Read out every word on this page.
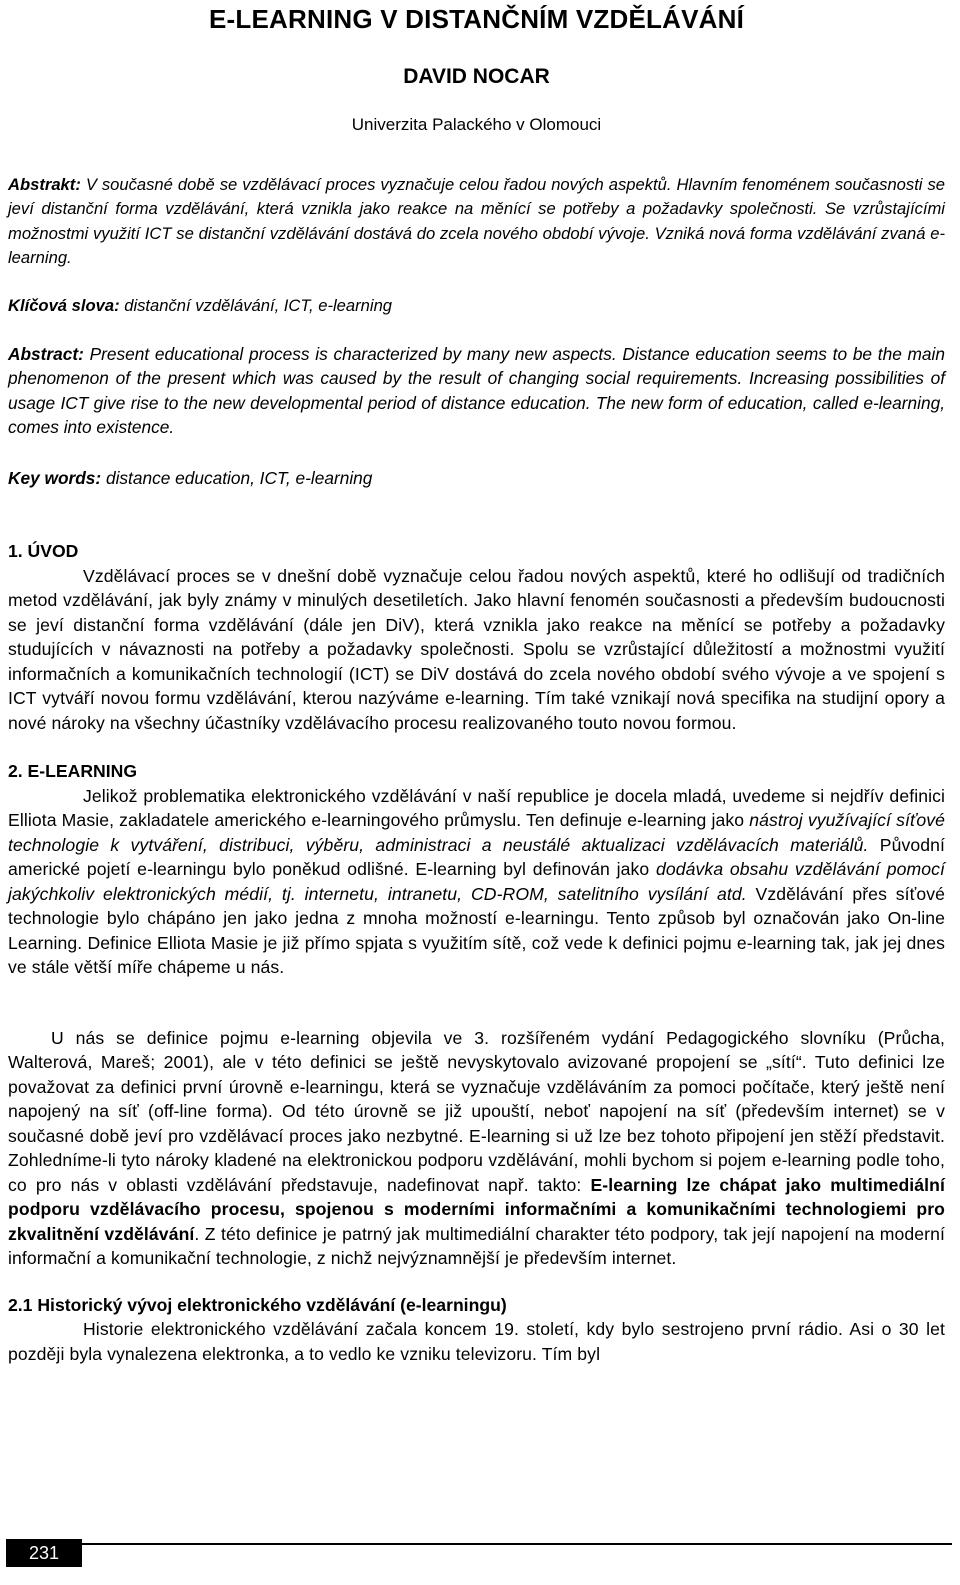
E-LEARNING V DISTANČNÍM VZDĚLÁVÁNÍ

DAVID NOCAR

Univerzita Palackého v Olomouci

Abstrakt: V současné době se vzdělávací proces vyznačuje celou řadou nových aspektů. Hlavním fenoménem současnosti se jeví distanční forma vzdělávání, která vznikla jako reakce na měnící se potřeby a požadavky společnosti. Se vzrůstajícími možnostmi využití ICT se distanční vzdělávání dostává do zcela nového období vývoje. Vzniká nová forma vzdělávání zvaná e-learning.

Klíčová slova: distanční vzdělávání, ICT, e-learning

Abstract: Present educational process is characterized by many new aspects. Distance education seems to be the main phenomenon of the present which was caused by the result of changing social requirements. Increasing possibilities of usage ICT give rise to the new developmental period of distance education. The new form of education, called e-learning, comes into existence.

Key words: distance education, ICT, e-learning

1. ÚVOD

Vzdělávací proces se v dnešní době vyznačuje celou řadou nových aspektů, které ho odlišují od tradičních metod vzdělávání, jak byly známy v minulých desetiletích. Jako hlavní fenomén současnosti a především budoucnosti se jeví distanční forma vzdělávání (dále jen DiV), která vznikla jako reakce na měnící se potřeby a požadavky studujících v návaznosti na potřeby a požadavky společnosti. Spolu se vzrůstající důležitostí a možnostmi využití informačních a komunikačních technologií (ICT) se DiV dostává do zcela nového období svého vývoje a ve spojení s ICT vytváří novou formu vzdělávání, kterou nazýváme e-learning. Tím také vznikají nová specifika na studijní opory a nové nároky na všechny účastníky vzdělávacího procesu realizovaného touto novou formou.

2. E-LEARNING

Jelikož problematika elektronického vzdělávání v naší republice je docela mladá, uvedeme si nejdřív definici Elliota Masie, zakladatele amerického e-learningového průmyslu. Ten definuje e-learning jako nástroj využívající síťové technologie k vytváření, distribuci, výběru, administraci a neustálé aktualizaci vzdělávacích materiálů. Původní americké pojetí e-learningu bylo poněkud odlišné. E-learning byl definován jako dodávka obsahu vzdělávání pomocí jakýchkoliv elektronických médií, tj. internetu, intranetu, CD-ROM, satelitního vysílání atd. Vzdělávání přes síťové technologie bylo chápáno jen jako jedna z mnoha možností e-learningu. Tento způsob byl označován jako On-line Learning. Definice Elliota Masie je již přímo spjata s využitím sítě, což vede k definici pojmu e-learning tak, jak jej dnes ve stále větší míře chápeme u nás.

U nás se definice pojmu e-learning objevila ve 3. rozšířeném vydání Pedagogického slovníku (Průcha, Walterová, Mareš; 2001), ale v této definici se ještě nevyskytovalo avizované propojení se „sítí“. Tuto definici lze považovat za definici první úrovně e-learningu, která se vyznačuje vzděláváním za pomoci počítače, který ještě není napojený na síť (off-line forma). Od této úrovně se již upouští, neboť napojení na síť (především internet) se v současné době jeví pro vzdělávací proces jako nezbytné. E-learning si už lze bez tohoto připojení jen stěží představit. Zohledníme-li tyto nároky kladené na elektronickou podporu vzdělávání, mohli bychom si pojem e-learning podle toho, co pro nás v oblasti vzdělávání představuje, nadefinovat např. takto: E-learning lze chápat jako multimediální podporu vzdělávacího procesu, spojenou s moderními informačními a komunikačními technologiemi pro zkvalitnění vzdělávání. Z této definice je patrný jak multimediální charakter této podpory, tak její napojení na moderní informační a komunikační technologie, z nichž nejvýznamnější je především internet.

2.1 Historický vývoj elektronického vzdělávání (e-learningu)

Historie elektronického vzdělávání začala koncem 19. století, kdy bylo sestrojeno první rádio. Asi o 30 let později byla vynalezena elektronka, a to vedlo ke vzniku televizoru. Tím byl

231
